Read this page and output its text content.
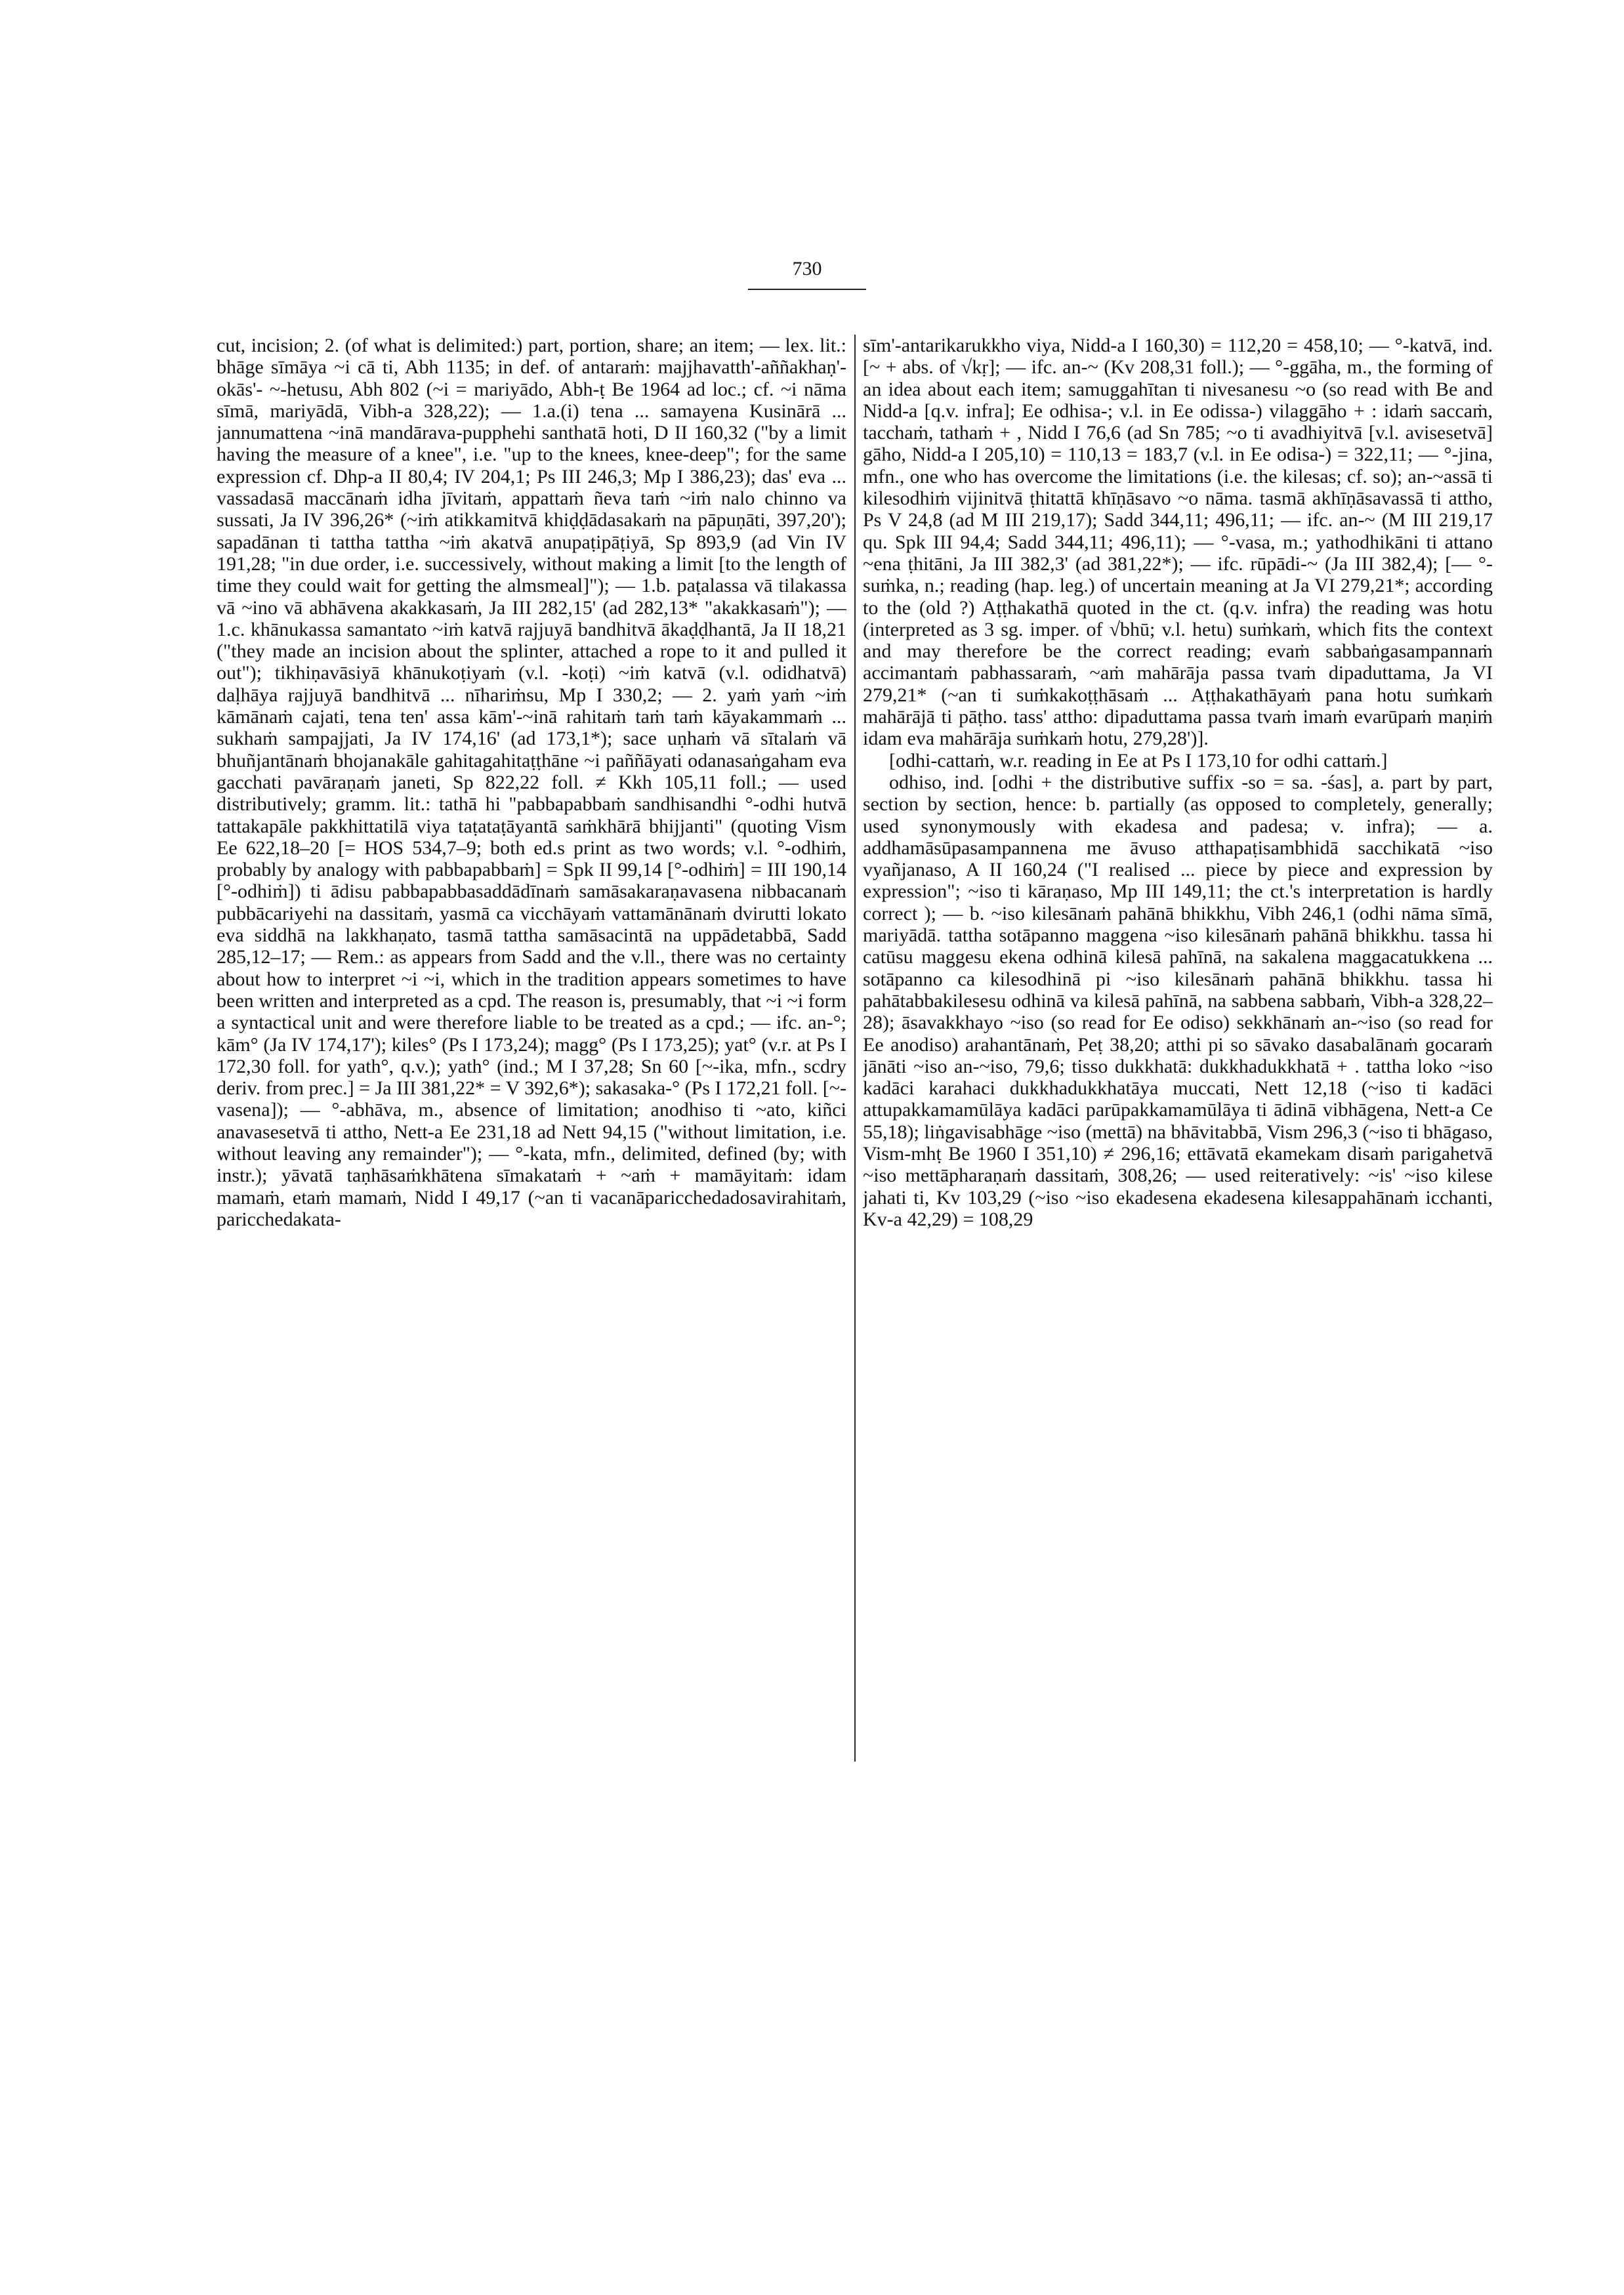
730

cut, incision; 2. (of what is delimited:) part, portion, share; an item; — lex. lit.: bhāge sīmāya ~i cā ti, Abh 1135; in def. of antaraṁ: majjhavatth'-aññakhaṇ'-okās'- ~-hetusu, Abh 802 (~i = mariyādo, Abh-ṭ Be 1964 ad loc.; cf. ~i nāma sīmā, mariyādā, Vibh-a 328,22); — 1.a.(i) tena ... samayena Kusinārā ... jannumattena ~inā mandārava-pupphehi santhatā hoti, D II 160,32 ("by a limit having the measure of a knee", i.e. "up to the knees, knee-deep"; for the same expression cf. Dhp-a II 80,4; IV 204,1; Ps III 246,3; Mp I 386,23); das' eva ... vassadasā maccānaṁ idha jīvitaṁ, appattaṁ ñeva taṁ ~iṁ nalo chinno va sussati, Ja IV 396,26* (~iṁ atikkamitvā khiḍḍādasakaṁ na pāpuṇāti, 397,20'); sapadānan ti tattha tattha ~iṁ akatvā anupaṭipāṭiyā, Sp 893,9 (ad Vin IV 191,28; "in due order, i.e. successively, without making a limit [to the length of time they could wait for getting the almsmeal]"); — 1.b. paṭalassa vā tilakassa vā ~ino vā abhāvena akakkasaṁ, Ja III 282,15' (ad 282,13* "akakkasaṁ"); — 1.c. khānukassa samantato ~iṁ katvā rajjuyā bandhitvā ākaḍḍhantā, Ja II 18,21 ("they made an incision about the splinter, attached a rope to it and pulled it out"); tikhiṇavāsiyā khānukoṭiyaṁ (v.l. -koṭi) ~iṁ katvā (v.l. odidhatvā) daḷhāya rajjuyā bandhitvā ... nīhariṁsu, Mp I 330,2; — 2. yaṁ yaṁ ~iṁ kāmānaṁ cajati, tena ten' assa kām'-~inā rahitaṁ taṁ taṁ kāyakammaṁ ... sukhaṁ sampajjati, Ja IV 174,16' (ad 173,1*); sace uṇhaṁ vā sītalaṁ vā bhuñjantānaṁ bhojanakāle gahitagahitaṭṭhāne ~i paññāyati odanasaṅgaham eva gacchati pavāraṇaṁ janeti, Sp 822,22 foll. ≠ Kkh 105,11 foll.; — used distributively; gramm. lit.: tathā hi "pabbapabbaṁ sandhisandhi °-odhi hutvā tattakapāle pakkhittatilā viya taṭataṭāyantā saṁkhārā bhijjanti" (quoting Vism Ee 622,18–20 [= HOS 534,7–9; both ed.s print as two words; v.l. °-odhiṁ, probably by analogy with pabbapabbaṁ] = Spk II 99,14 [°-odhiṁ] = III 190,14 [°-odhiṁ]) ti ādisu pabbapabbasaddādīnaṁ samāsakaraṇavasena nibbacanaṁ pubbācariyehi na dassitaṁ, yasmā ca vicchāyaṁ vattamānānaṁ dvirutti lokato eva siddhā na lakkhaṇato, tasmā tattha samāsacintā na uppādetabbā, Sadd 285,12–17; — Rem.: as appears from Sadd and the v.ll., there was no certainty about how to interpret ~i ~i, which in the tradition appears sometimes to have been written and interpreted as a cpd. The reason is, presumably, that ~i ~i form a syntactical unit and were therefore liable to be treated as a cpd.; — ifc. an-°; kām° (Ja IV 174,17'); kiles° (Ps I 173,24); magg° (Ps I 173,25); yat° (v.r. at Ps I 172,30 foll. for yath°, q.v.); yath° (ind.; M I 37,28; Sn 60 [~-ika, mfn., scdry deriv. from prec.] = Ja III 381,22* = V 392,6*); sakasaka-° (Ps I 172,21 foll. [~-vasena]); — °-abhāva, m., absence of limitation; anodhiso ti ~ato, kiñci anavasesetvā ti attho, Nett-a Ee 231,18 ad Nett 94,15 ("without limitation, i.e. without leaving any remainder"); — °-kata, mfn., delimited, defined (by; with instr.); yāvatā taṇhāsaṁkhātena sīmakataṁ + ~aṁ + mamāyitaṁ: idam mamaṁ, etaṁ mamaṁ, Nidd I 49,17 (~an ti vacanāparicchedadosavirahitaṁ, paricchedakata-

sīm'-antarikarukkho viya, Nidd-a I 160,30) = 112,20 = 458,10; — °-katvā, ind. [~ + abs. of √kṛ]; — ifc. an-~ (Kv 208,31 foll.); — °-ggāha, m., the forming of an idea about each item; samuggahītan ti nivesanesu ~o (so read with Be and Nidd-a [q.v. infra]; Ee odhisa-; v.l. in Ee odissa-) vilaggāho + : idaṁ saccaṁ, tacchaṁ, tathaṁ + , Nidd I 76,6 (ad Sn 785; ~o ti avadhiyitvā [v.l. avisesetvā] gāho, Nidd-a I 205,10) = 110,13 = 183,7 (v.l. in Ee odisa-) = 322,11; — °-jina, mfn., one who has overcome the limitations (i.e. the kilesas; cf. so); an-~assā ti kilesodhiṁ vijinitvā ṭhitattā khīṇāsavo ~o nāma. tasmā akhīṇāsavassā ti attho, Ps V 24,8 (ad M III 219,17); Sadd 344,11; 496,11; — ifc. an-~ (M III 219,17 qu. Spk III 94,4; Sadd 344,11; 496,11); — °-vasa, m.; yathodhikāni ti attano ~ena ṭhitāni, Ja III 382,3' (ad 381,22*); — ifc. rūpādi-~ (Ja III 382,4); [— °-suṁka, n.; reading (hap. leg.) of uncertain meaning at Ja VI 279,21*; according to the (old ?) Aṭṭhakathā quoted in the ct. (q.v. infra) the reading was hotu (interpreted as 3 sg. imper. of √bhū; v.l. hetu) suṁkaṁ, which fits the context and may therefore be the correct reading; evaṁ sabbaṅgasampannaṁ accimantaṁ pabhassaraṁ, ~aṁ mahārāja passa tvaṁ dipaduttama, Ja VI 279,21* (~an ti suṁkakoṭṭhāsaṁ ... Aṭṭhakathāyaṁ pana hotu suṁkaṁ mahārājā ti pāṭho. tass' attho: dipaduttama passa tvaṁ imaṁ evarūpaṁ maṇiṁ idam eva mahārāja suṁkaṁ hotu, 279,28')].

[odhi-cattaṁ, w.r. reading in Ee at Ps I 173,10 for odhi cattaṁ.]

odhiso, ind. [odhi + the distributive suffix -so = sa. -śas], a. part by part, section by section, hence: b. partially (as opposed to completely, generally; used synonymously with ekadesa and padesa; v. infra); — a. addhamāsūpasampannena me āvuso atthapaṭisambhidā sacchikatā ~iso vyañjanaso, A II 160,24 ("I realised ... piece by piece and expression by expression"; ~iso ti kāraṇaso, Mp III 149,11; the ct.'s interpretation is hardly correct ); — b. ~iso kilesānaṁ pahānā bhikkhu, Vibh 246,1 (odhi nāma sīmā, mariyādā. tattha sotāpanno maggena ~iso kilesānaṁ pahānā bhikkhu. tassa hi catūsu maggesu ekena odhinā kilesā pahīnā, na sakalena maggacatukkena ... sotāpanno ca kilesodhinā pi ~iso kilesānaṁ pahānā bhikkhu. tassa hi pahātabbakilesesu odhinā va kilesā pahīnā, na sabbena sabbaṁ, Vibh-a 328,22–28); āsavakkhayo ~iso (so read for Ee odiso) sekkhānaṁ an-~iso (so read for Ee anodiso) arahantānaṁ, Peṭ 38,20; atthi pi so sāvako dasabalānaṁ gocaraṁ jānāti ~iso an-~iso, 79,6; tisso dukkhatā: dukkhadukkhatā + . tattha loko ~iso kadāci karahaci dukkhadukkhatāya muccati, Nett 12,18 (~iso ti kadāci attupakkamamūlāya kadāci parūpakkamamūlāya ti ādinā vibhāgena, Nett-a Ce 55,18); liṅgavisabhāge ~iso (mettā) na bhāvitabbā, Vism 296,3 (~iso ti bhāgaso, Vism-mhṭ Be 1960 I 351,10) ≠ 296,16; ettāvatā ekamekam disaṁ parigahetvā ~iso mettāpharaṇaṁ dassitaṁ, 308,26; — used reiteratively: ~is' ~iso kilese jahati ti, Kv 103,29 (~iso ~iso ekadesena ekadesena kilesappahānaṁ icchanti, Kv-a 42,29) = 108,29
